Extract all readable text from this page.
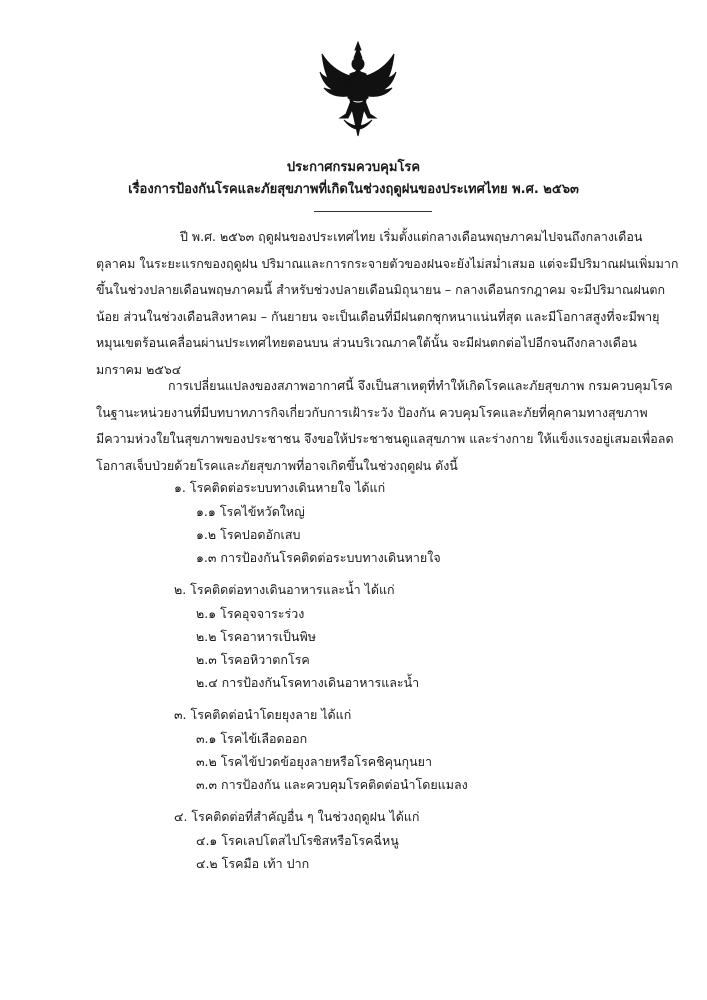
ประกาศกรมควบคุมโรค
เรื่องการป้องกันโรคและภัยสุขภาพที่เกิดในช่วงฤดูฝนของประเทศไทย พ.ศ. ๒๕๖๓

ปี พ.ศ. ๒๕๖๓ ฤดูฝนของประเทศไทย เริ่มตั้งแต่กลางเดือนพฤษภาคมไปจนถึงกลางเดือน

ตุลาคม ในระยะแรกของฤดูฝน ปริมาณและการกระจายตัวของฝนจะยังไม่สม่ำเสมอ แต่จะมีปริมาณฝนเพิ่มมาก

ขึ้นในช่วงปลายเดือนพฤษภาคมนี้ สำหรับช่วงปลายเดือนมิถุนายน – กลางเดือนกรกฎาคม จะมีปริมาณฝนตก

น้อย ส่วนในช่วงเดือนสิงหาคม – กันยายน จะเป็นเดือนที่มีฝนตกชุกหนาแน่นที่สุด และมีโอกาสสูงที่จะมีพายุ

หมุนเขตร้อนเคลื่อนผ่านประเทศไทยตอนบน ส่วนบริเวณภาคใต้นั้น จะมีฝนตกต่อไปอีกจนถึงกลางเดือน

มกราคม ๒๕๖๔

การเปลี่ยนแปลงของสภาพอากาศนี้ จึงเป็นสาเหตุที่ทำให้เกิดโรคและภัยสุขภาพ กรมควบคุมโรค

ในฐานะหน่วยงานที่มีบทบาทภารกิจเกี่ยวกับการเฝ้าระวัง ป้องกัน ควบคุมโรคและภัยที่คุกคามทางสุขภาพ

มีความห่วงใยในสุขภาพของประชาชน จึงขอให้ประชาชนดูแลสุขภาพ และร่างกาย ให้แข็งแรงอยู่เสมอเพื่อลด

โอกาสเจ็บป่วยด้วยโรคและภัยสุขภาพที่อาจเกิดขึ้นในช่วงฤดูฝน ดังนี้

๑. โรคติดต่อระบบทางเดินหายใจ ได้แก่
๑.๑ โรคไข้หวัดใหญ่
๑.๒ โรคปอดอักเสบ
๑.๓ การป้องกันโรคติดต่อระบบทางเดินหายใจ
๒. โรคติดต่อทางเดินอาหารและน้ำ ได้แก่
๒.๑ โรคอุจจาระร่วง
๒.๒ โรคอาหารเป็นพิษ
๒.๓ โรคอหิวาตกโรค
๒.๔ การป้องกันโรคทางเดินอาหารและน้ำ
๓. โรคติดต่อนำโดยยุงลาย ได้แก่
๓.๑ โรคไข้เลือดออก
๓.๒ โรคไข้ปวดข้อยุงลายหรือโรคชิคุนกุนยา
๓.๓ การป้องกัน และควบคุมโรคติดต่อนำโดยแมลง
๔. โรคติดต่อที่สำคัญอื่น ๆ ในช่วงฤดูฝน ได้แก่
๔.๑ โรคเลปโตสไปโรซิสหรือโรคฉี่หนู
๔.๒ โรคมือ เท้า ปาก
